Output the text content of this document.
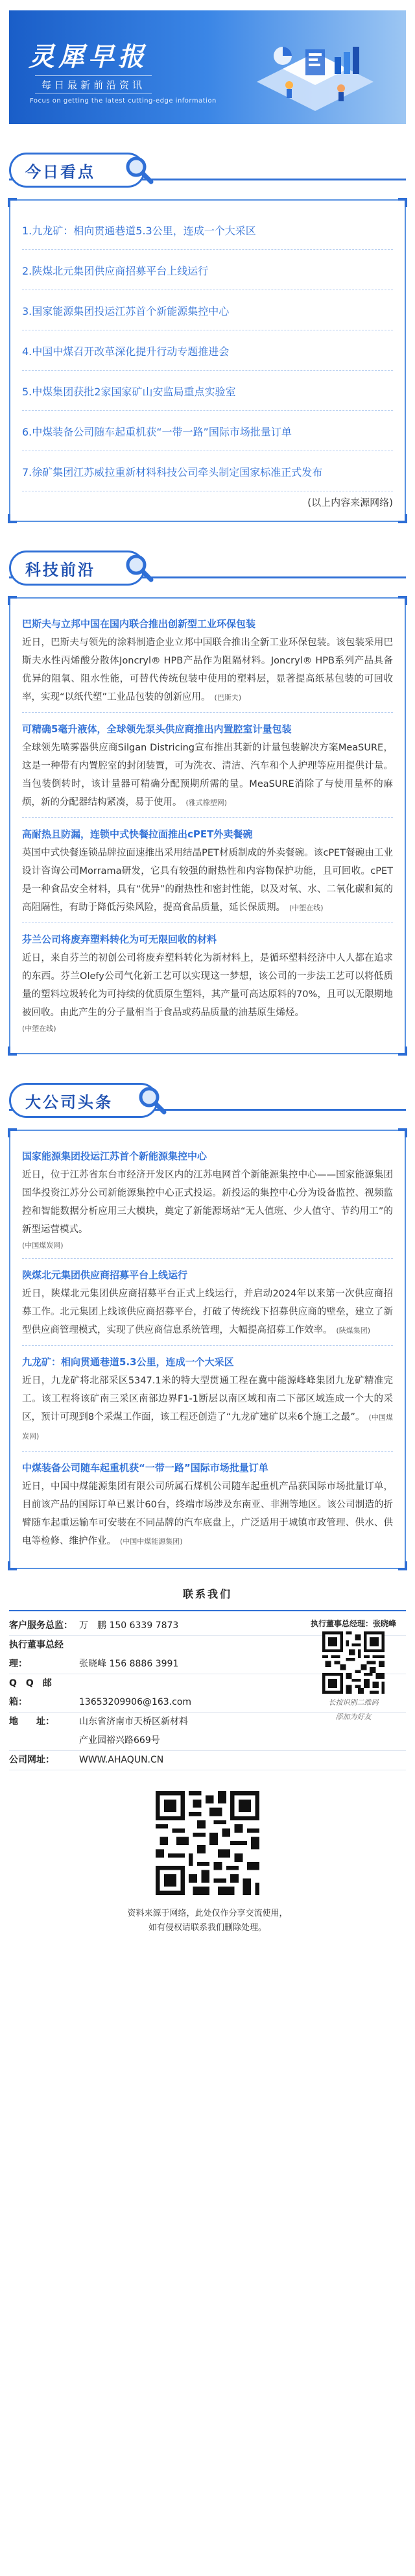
灵犀早报
每日最新前沿资讯
Focus on getting the latest cutting-edge information
今日看点
1.九龙矿：相向贯通巷道5.3公里，连成一个大采区
2.陕煤北元集团供应商招募平台上线运行
3.国家能源集团投运江苏首个新能源集控中心
4.中国中煤召开改革深化提升行动专题推进会
5.中煤集团获批2家国家矿山安监局重点实验室
6.中煤装备公司随车起重机获“一带一路”国际市场批量订单
7.徐矿集团江苏威拉重新材料科技公司牵头制定国家标准正式发布
(以上内容来源网络)
科技前沿
巴斯夫与立邦中国在国内联合推出创新型工业环保包装
近日，巴斯夫与领先的涂料制造企业立邦中国联合推出全新工业环保包装。该包装采用巴斯夫水性丙烯酸分散体Joncryl® HPB产品作为阻隔材料。Joncryl® HPB系列产品具备优异的阻氧、阻水性能，可替代传统包装中使用的塑料层，显著提高纸基包装的可回收率，实现“以纸代塑”工业品包装的创新应用。 (巴斯夫)
可精确5毫升液体，全球领先泵头供应商推出内置腔室计量包装
全球领先喷雾器供应商Silgan Districing宣布推出其新的计量包装解决方案MeaSURE，这是一种带有内置腔室的封闭装置，可为洗衣、清洁、汽车和个人护理等应用提供计量。当包装倒转时，该计量器可精确分配预期所需的量。MeaSURE消除了与使用量杯的麻烦，新的分配器结构紧凑，易于使用。 (雅式橡塑网)
高耐热且防漏，连锁中式快餐拉面推出cPET外卖餐碗
英国中式快餐连锁品牌拉面速推出采用结晶PET材质制成的外卖餐碗。该cPET餐碗由工业设计咨询公司Morrama研发，它具有较强的耐热性和内容物保护功能，且可回收。cPET是一种食品安全材料，具有“优异”的耐热性和密封性能，以及对氧、水、二氧化碳和氮的高阻隔性，有助于降低污染风险，提高食品质量，延长保质期。 (中塑在线)
芬兰公司将废弃塑料转化为可无限回收的材料
近日，来自芬兰的初创公司将废弃塑料转化为新材料上，是循环塑料经济中人人都在追求的东西。芬兰Olefy公司气化新工艺可以实现这一梦想，该公司的一步法工艺可以将低质量的塑料垃圾转化为可持续的优质原生塑料，其产量可高达原料的70%，且可以无限期地被回收。由此产生的分子量相当于食品或药品质量的油基原生烯烃。
(中塑在线)
大公司头条
国家能源集团投运江苏首个新能源集控中心
近日，位于江苏省东台市经济开发区内的江苏电网首个新能源集控中心——国家能源集团国华投资江苏分公司新能源集控中心正式投运。新投运的集控中心分为设备监控、视频监控和智能数据分析应用三大模块，奠定了新能源场站“无人值班、少人值守、节约用工”的新型运营模式。
(中国煤炭网)
陕煤北元集团供应商招募平台上线运行
近日，陕煤北元集团供应商招募平台正式上线运行，并启动2024年以来第一次供应商招募工作。北元集团上线该供应商招募平台，打破了传统线下招募供应商的壁垒，建立了新型供应商管理模式，实现了供应商信息系统管理，大幅提高招募工作效率。 (陕煤集团)
九龙矿：相向贯通巷道5.3公里，连成一个大采区
近日，九龙矿将北部采区5347.1米的特大型贯通工程在冀中能源峰峰集团九龙矿精准完工。该工程将该矿南三采区南部边界F1-1断层以南区域和南二下部区域连成一个大的采区，预计可现到8个采煤工作面，该工程还创造了“九龙矿建矿以来6个施工之最”。 (中国煤炭网)
中煤装备公司随车起重机获“一带一路”国际市场批量订单
近日，中国中煤能源集团有限公司所属石煤机公司随车起重机产品获国际市场批量订单，目前该产品的国际订单已累计60台，终端市场涉及东南亚、非洲等地区。该公司制造的折臂随车起重运输车可安装在不同品牌的汽车底盘上，广泛适用于城镇市政管理、供水、供电等检修、维护作业。 (中国中煤能源集团)
联系我们
客户服务总监： 万　鹏 150 6339 7873
执行董事总经理：	张晓峰 156 8886 3991
Q　Q　邮　箱：	13653209906@163.com
地　　址：	山东省济南市天桥区新材料
产业园裕兴路669号
公司网址：	WWW.AHAQUN.CN
执行董事总经理：张晓峰
长按识别二维码
添加为好友
资料来源于网络，此处仅作分享交流使用，
如有侵权请联系我们删除处理。
